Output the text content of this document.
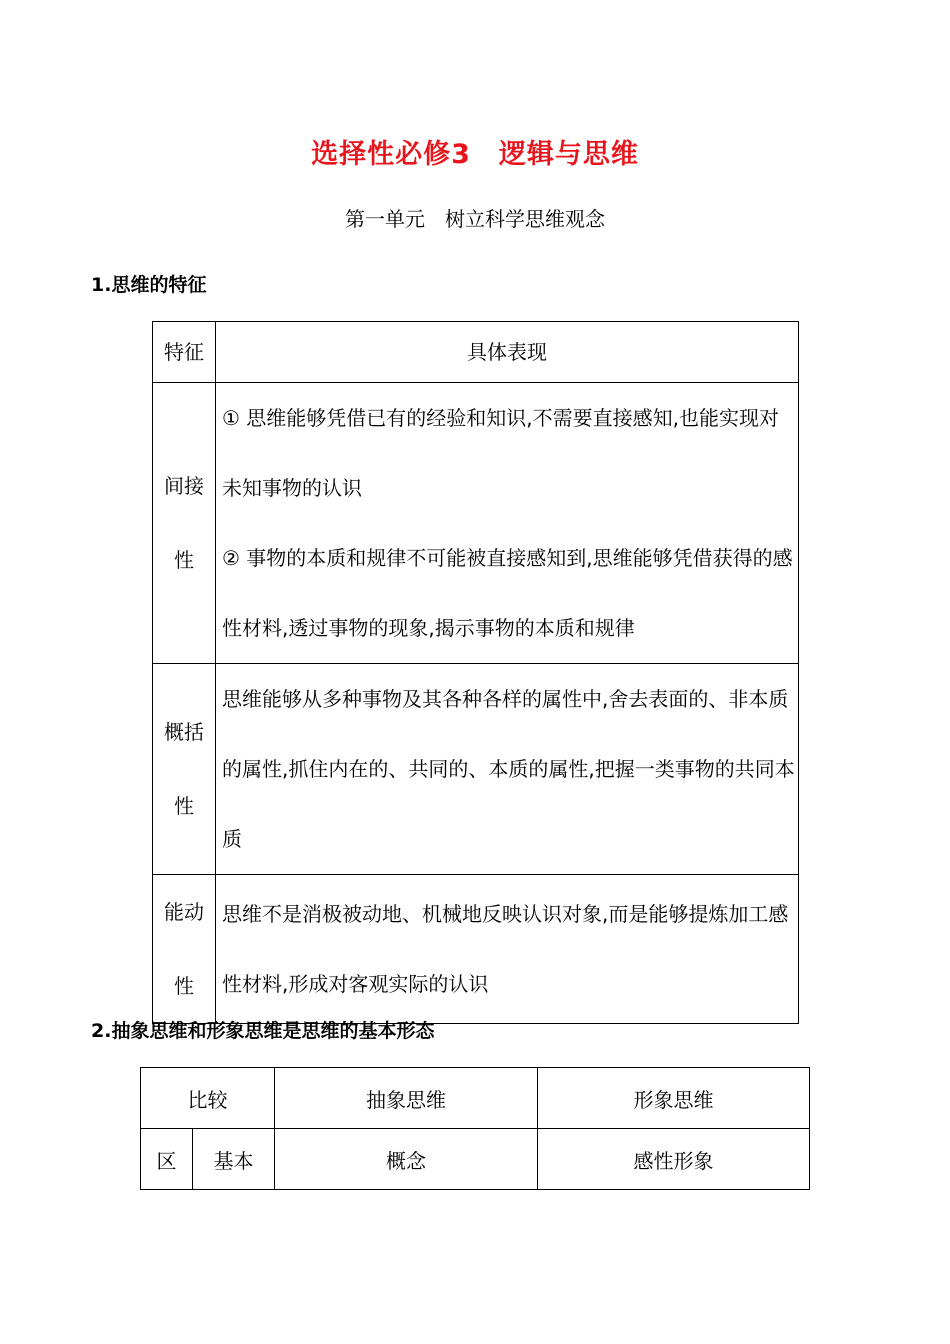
选择性必修3　逻辑与思维
第一单元　树立科学思维观念
1.思维的特征
特征	具体表现

间接
性	① 思维能够凭借已有的经验和知识,不需要直接感知,也能实现对未知事物的认识
② 事物的本质和规律不可能被直接感知到,思维能够凭借获得的感性材料,透过事物的现象,揭示事物的本质和规律

概括
性	思维能够从多种事物及其各种各样的属性中,舍去表面的、非本质的属性,抓住内在的、共同的、本质的属性,把握一类事物的共同本质

能动
性	思维不是消极被动地、机械地反映认识对象,而是能够提炼加工感性材料,形成对客观实际的认识
2.抽象思维和形象思维是思维的基本形态
比较		抽象思维	形象思维
区	基本	概念	感性形象
